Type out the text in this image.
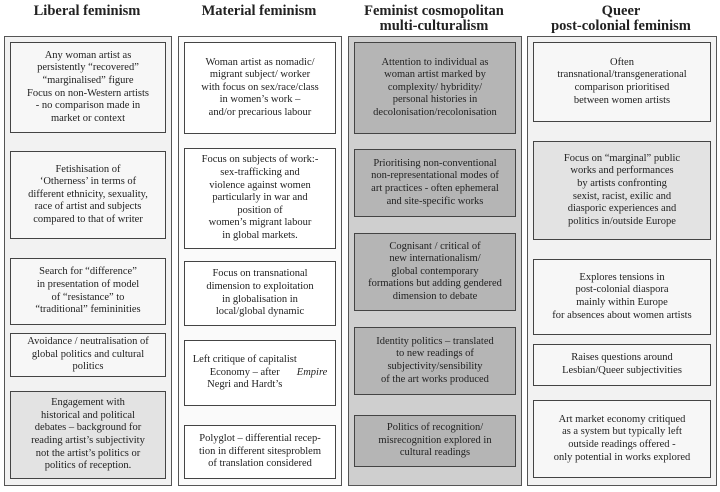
Liberal feminism
Any woman artist as
persistently “recovered”
“marginalised” figure
Focus on non-Western artists
- no comparison made in
market or context
Fetishisation of
‘Otherness’ in terms of
different ethnicity, sexuality,
race of artist and subjects
compared to that of writer
Search for “difference”
in presentation of model
of “resistance” to
“traditional” femininities
Avoidance / neutralisation of
global politics and cultural
politics
Engagement with
historical and political
debates – background for
reading artist’s subjectivity
not the artist’s politics or
politics of reception.
Material feminism
Woman artist as nomadic/
migrant subject/ worker
with focus on sex/race/class
in women’s work –
and/or precarious labour
Focus on subjects of work:-
sex-trafficking and
violence against women
particularly in war and
position of
women’s migrant labour
in global markets.
Focus on transnational
dimension to exploitation
in globalisation in
local/global dynamic
Left critique of capitalist
Economy – after
Negri and Hardt’s
Empire
Polyglot – differential recep-
tion in different sitesproblem
of translation considered
Feminist cosmopolitan
multi-culturalism
Attention to individual as
woman artist marked by
complexity/ hybridity/
personal histories in
decolonisation/recolonisation
Prioritising non-conventional
non-representational modes of
art practices - often ephemeral
and site-specific works
Cognisant / critical of
new internationalism/
global contemporary
formations but adding gendered
dimension to debate
Identity politics – translated
to new readings of
subjectivity/sensibility
of the art works produced
Politics of recognition/
misrecognition explored in
cultural readings
Queer
post-colonial feminism
Often
transnational/transgenerational
comparison prioritised
between women artists
Focus on “marginal” public
works and performances
by artists confronting
sexist, racist, exilic and
diasporic experiences and
politics in/outside Europe
Explores tensions in
post-colonial diaspora
mainly within Europe
for absences about women artists
Raises questions around
Lesbian/Queer subjectivities
Art market economy critiqued
as a system but typically left
outside readings offered -
only potential in works explored
